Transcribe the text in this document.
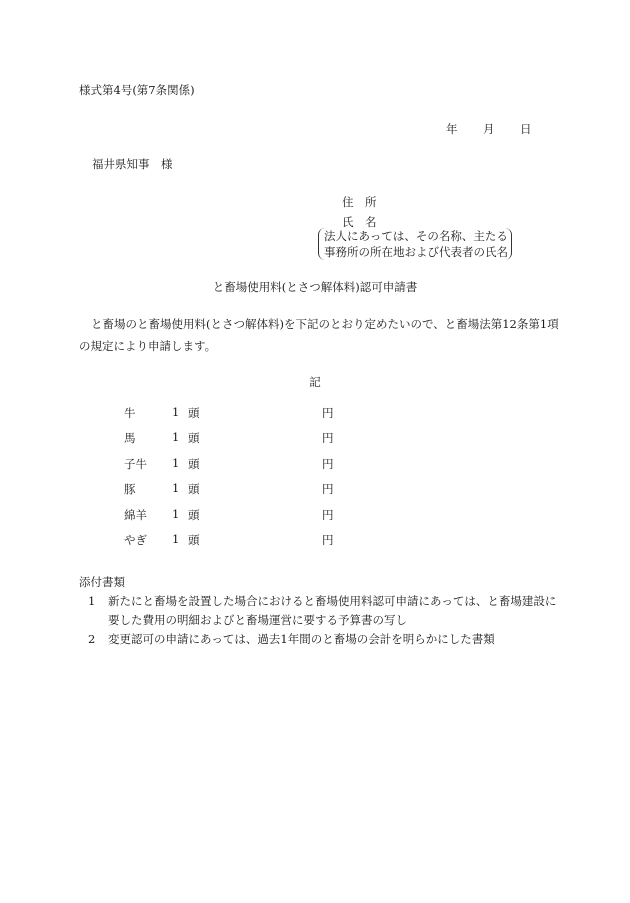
様式第4号(第7条関係)
年 月 日
福井県知事　様
住　所
氏　名
法人にあっては、その名称、主たる
事務所の所在地および代表者の氏名
と畜場使用料(とさつ解体料)認可申請書
と畜場のと畜場使用料(とさつ解体料)を下記のとおり定めたいので、と畜場法第12条第1項の規定により申請します。
記
牛	1 頭	円
馬	1 頭	円
子牛	1 頭	円
豚	1 頭	円
綿羊	1 頭	円
やぎ	1 頭	円
添付書類
1	新たにと畜場を設置した場合におけると畜場使用料認可申請にあっては、と畜場建設に要した費用の明細およびと畜場運営に要する予算書の写し
2	変更認可の申請にあっては、過去1年間のと畜場の会計を明らかにした書類
